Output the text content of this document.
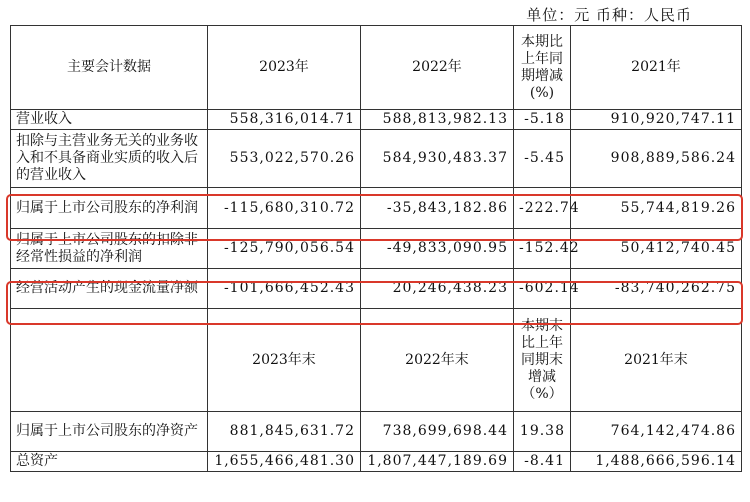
单位：元 币种：人民币
主要会计数据	2023年	2022年	本期比上年同期增减(%)	2021年
营业收入	558,316,014.71	588,813,982.13	-5.18	910,920,747.11
扣除与主营业务无关的业务收入和不具备商业实质的收入后的营业收入	553,022,570.26	584,930,483.37	-5.45	908,889,586.24
归属于上市公司股东的净利润	-115,680,310.72	-35,843,182.86	-222.74	55,744,819.26
归属于上市公司股东的扣除非经常性损益的净利润	-125,790,056.54	-49,833,090.95	-152.42	50,412,740.45
经营活动产生的现金流量净额	-101,666,452.43	20,246,438.23	-602.14	-83,740,262.75
	2023年末	2022年末	本期末比上年同期末增减（%）	2021年末
归属于上市公司股东的净资产	881,845,631.72	738,699,698.44	19.38	764,142,474.86
总资产	1,655,466,481.30	1,807,447,189.69	-8.41	1,488,666,596.14
